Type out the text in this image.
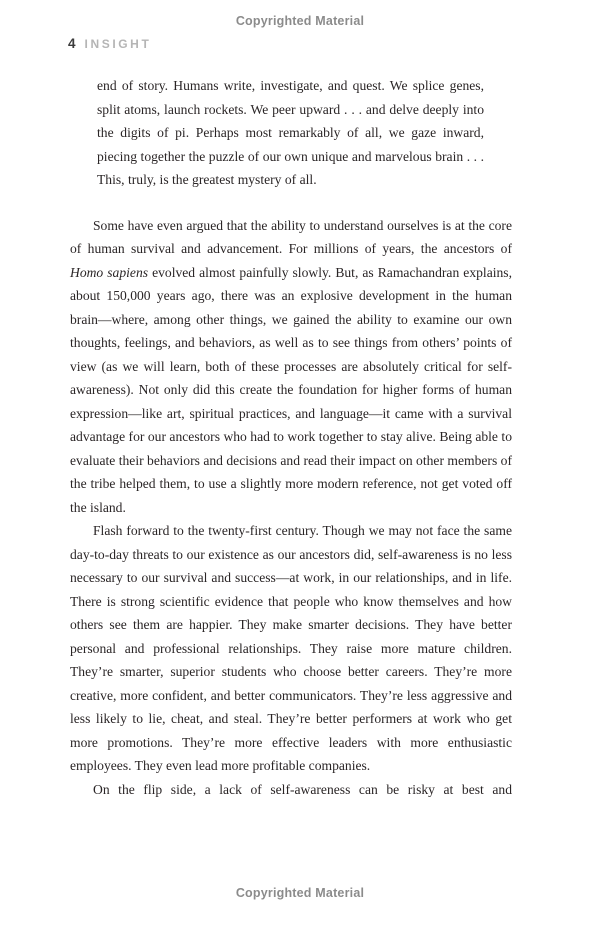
Copyrighted Material
4 INSIGHT

end of story. Humans write, investigate, and quest. We splice genes, split atoms, launch rockets. We peer upward . . . and delve deeply into the digits of pi. Perhaps most remarkably of all, we gaze inward, piecing together the puzzle of our own unique and marvelous brain . . . This, truly, is the greatest mystery of all.

Some have even argued that the ability to understand ourselves is at the core of human survival and advancement. For millions of years, the ancestors of Homo sapiens evolved almost painfully slowly. But, as Ramachandran explains, about 150,000 years ago, there was an explosive development in the human brain—where, among other things, we gained the ability to examine our own thoughts, feelings, and behaviors, as well as to see things from others’ points of view (as we will learn, both of these processes are absolutely critical for self-awareness). Not only did this create the foundation for higher forms of human expression—like art, spiritual practices, and language—it came with a survival advantage for our ancestors who had to work together to stay alive. Being able to evaluate their behaviors and decisions and read their impact on other members of the tribe helped them, to use a slightly more modern reference, not get voted off the island.

Flash forward to the twenty-first century. Though we may not face the same day-to-day threats to our existence as our ancestors did, self-awareness is no less necessary to our survival and success—at work, in our relationships, and in life. There is strong scientific evidence that people who know themselves and how others see them are happier. They make smarter decisions. They have better personal and professional relationships. They raise more mature children. They’re smarter, superior students who choose better careers. They’re more creative, more confident, and better communicators. They’re less aggressive and less likely to lie, cheat, and steal. They’re better performers at work who get more promotions. They’re more effective leaders with more enthusiastic employees. They even lead more profitable companies.

On the flip side, a lack of self-awareness can be risky at best and

Copyrighted Material
